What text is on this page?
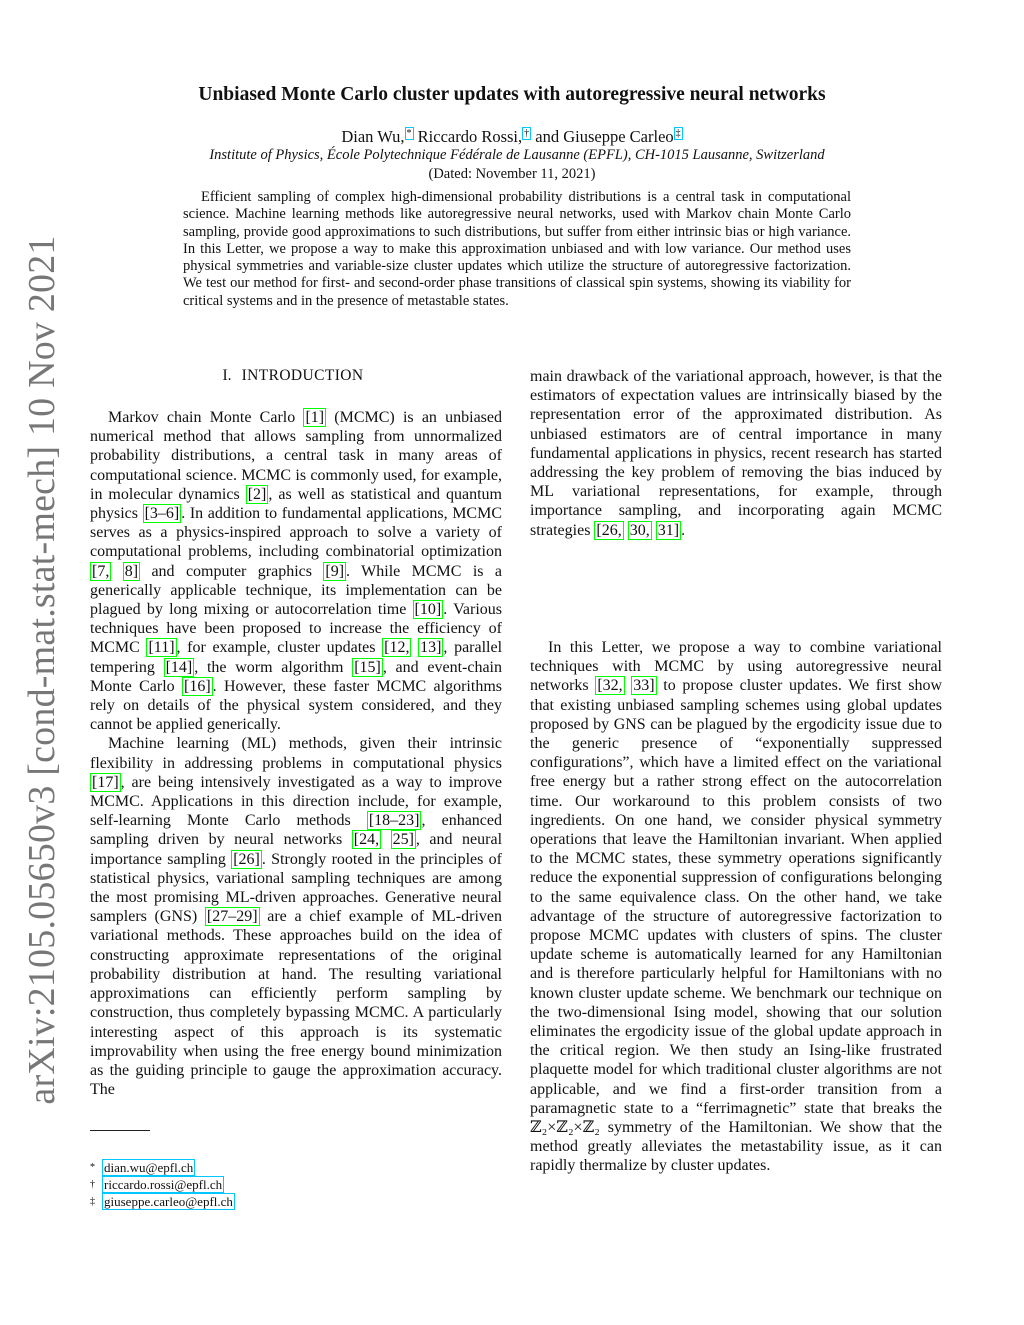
arXiv:2105.05650v3 [cond-mat.stat-mech] 10 Nov 2021
Unbiased Monte Carlo cluster updates with autoregressive neural networks
Dian Wu, * Riccardo Rossi, † and Giuseppe Carleo ‡
Institute of Physics, École Polytechnique Fédérale de Lausanne (EPFL), CH-1015 Lausanne, Switzerland
(Dated: November 11, 2021)

Efficient sampling of complex high-dimensional probability distributions is a central task in computational science. Machine learning methods like autoregressive neural networks, used with Markov chain Monte Carlo sampling, provide good approximations to such distributions, but suffer from either intrinsic bias or high variance. In this Letter, we propose a way to make this approximation unbiased and with low variance. Our method uses physical symmetries and variable-size cluster updates which utilize the structure of autoregressive factorization. We test our method for first- and second-order phase transitions of classical spin systems, showing its viability for critical systems and in the presence of metastable states.

I. INTRODUCTION

Markov chain Monte Carlo [1] (MCMC) is an unbiased numerical method that allows sampling from unnormalized probability distributions, a central task in many areas of computational science. MCMC is commonly used, for example, in molecular dynamics [2] , as well as statistical and quantum physics [3–6] . In addition to fundamental applications, MCMC serves as a physics-inspired approach to solve a variety of computational problems, including combinatorial optimization [7, 8] and computer graphics [9] . While MCMC is a generically applicable technique, its implementation can be plagued by long mixing or autocorrelation time [10] . Various techniques have been proposed to increase the efficiency of MCMC [11] , for example, cluster updates [12, 13] , parallel tempering [14] , the worm algorithm [15] , and event-chain Monte Carlo [16] . However, these faster MCMC algorithms rely on details of the physical system considered, and they cannot be applied generically.

Machine learning (ML) methods, given their intrinsic flexibility in addressing problems in computational physics [17] , are being intensively investigated as a way to improve MCMC. Applications in this direction include, for example, self-learning Monte Carlo methods [18–23] , enhanced sampling driven by neural networks [24, 25] , and neural importance sampling [26] . Strongly rooted in the principles of statistical physics, variational sampling techniques are among the most promising ML-driven approaches. Generative neural samplers (GNS) [27–29] are a chief example of ML-driven variational methods. These approaches build on the idea of constructing approximate representations of the original probability distribution at hand. The resulting variational approximations can efficiently perform sampling by construction, thus completely bypassing MCMC. A particularly interesting aspect of this approach is its systematic improvability when using the free energy bound minimization as the guiding principle to gauge the approximation accuracy. The

main drawback of the variational approach, however, is that the estimators of expectation values are intrinsically biased by the representation error of the approximated distribution. As unbiased estimators are of central importance in many fundamental applications in physics, recent research has started addressing the key problem of removing the bias induced by ML variational representations, for example, through importance sampling, and incorporating again MCMC strategies [26, 30, 31] .

In this Letter, we propose a way to combine variational techniques with MCMC by using autoregressive neural networks [32, 33] to propose cluster updates. We first show that existing unbiased sampling schemes using global updates proposed by GNS can be plagued by the ergodicity issue due to the generic presence of “exponentially suppressed configurations”, which have a limited effect on the variational free energy but a rather strong effect on the autocorrelation time. Our workaround to this problem consists of two ingredients. On one hand, we consider physical symmetry operations that leave the Hamiltonian invariant. When applied to the MCMC states, these symmetry operations significantly reduce the exponential suppression of configurations belonging to the same equivalence class. On the other hand, we take advantage of the structure of autoregressive factorization to propose MCMC updates with clusters of spins. The cluster update scheme is automatically learned for any Hamiltonian and is therefore particularly helpful for Hamiltonians with no known cluster update scheme. We benchmark our technique on the two-dimensional Ising model, showing that our solution eliminates the ergodicity issue of the global update approach in the critical region. We then study an Ising-like frustrated plaquette model for which traditional cluster algorithms are not applicable, and we find a first-order transition from a paramagnetic state to a “ferrimagnetic” state that breaks the ℤ₂×ℤ₂×ℤ₂ symmetry of the Hamiltonian. We show that the method greatly alleviates the metastability issue, as it can rapidly thermalize by cluster updates.

* dian.wu@epfl.ch
† riccardo.rossi@epfl.ch
‡ giuseppe.carleo@epfl.ch
